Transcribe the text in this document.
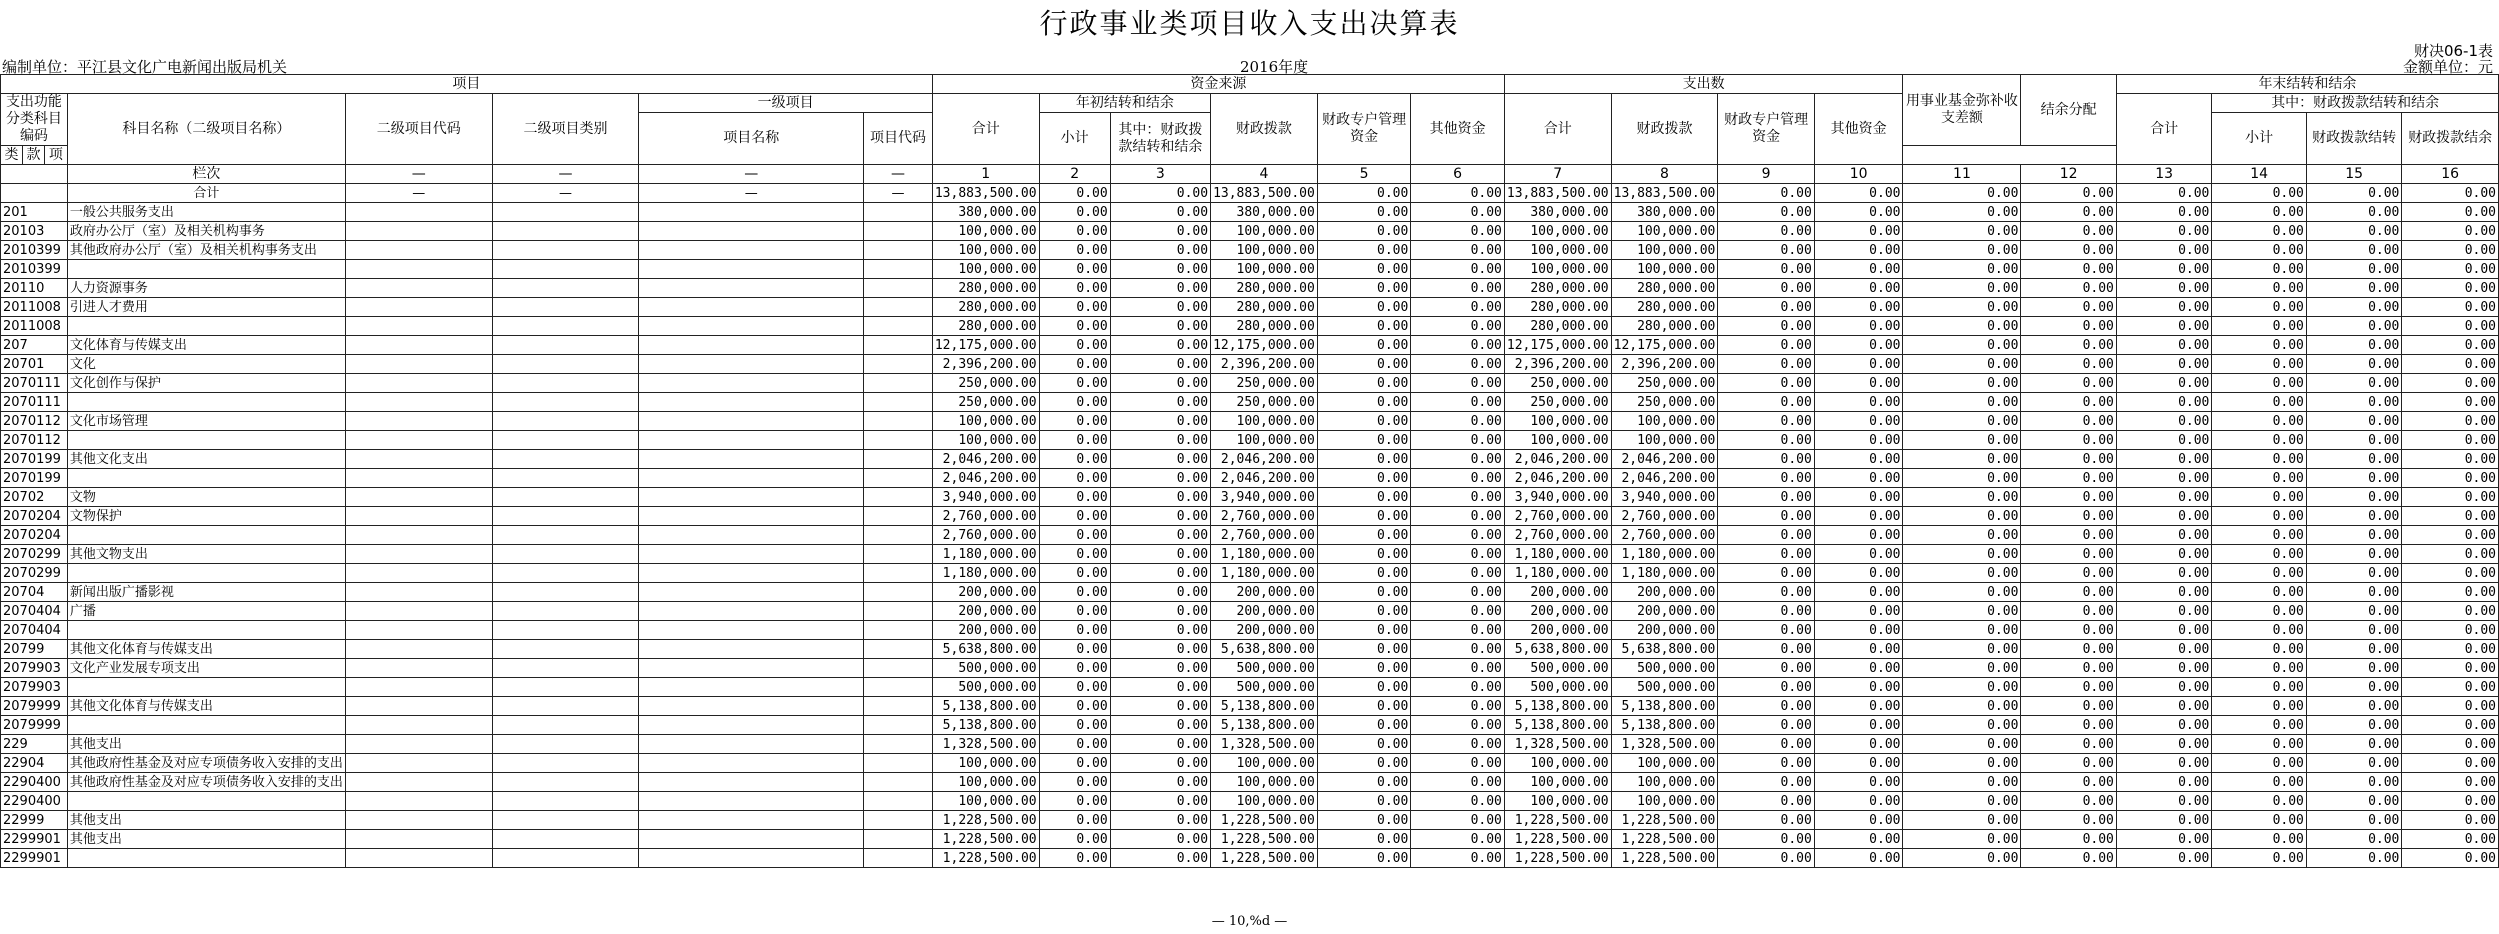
行政事业类项目收入支出决算表
财决06-1表
编制单位：平江县文化广电新闻出版局机关	2016年度	金额单位：元
项目								资金来源						支出数				用事业基金弥补收支差额	结余分配	年末结转和结余			
支出功能分类科目编码			科目名称（二级项目名称）	二级项目代码	二级项目类别	一级项目		合计	年初结转和结余		财政拨款	财政专户管理资金	其他资金	合计	财政拨款	财政专户管理资金	其他资金			合计	其中：财政拨款结转和结余		
						项目名称	项目代码		小计	其中：财政拨款结转和结余											小计	财政拨款结转	财政拨款结余
类	款	项																					
			栏次	—	—	—	—	1	2	3	4	5	6	7	8	9	10	11	12	13	14	15	16
			合计	—	—	—	—	13,883,500.00	0.00	0.00	13,883,500.00	0.00	0.00	13,883,500.00	13,883,500.00	0.00	0.00	0.00	0.00	0.00	0.00	0.00	0.00
201			一般公共服务支出					380,000.00	0.00	0.00	380,000.00	0.00	0.00	380,000.00	380,000.00	0.00	0.00	0.00	0.00	0.00	0.00	0.00	0.00
20103			政府办公厅（室）及相关机构事务					100,000.00	0.00	0.00	100,000.00	0.00	0.00	100,000.00	100,000.00	0.00	0.00	0.00	0.00	0.00	0.00	0.00	0.00
2010399			其他政府办公厅（室）及相关机构事务支出					100,000.00	0.00	0.00	100,000.00	0.00	0.00	100,000.00	100,000.00	0.00	0.00	0.00	0.00	0.00	0.00	0.00	0.00
2010399								100,000.00	0.00	0.00	100,000.00	0.00	0.00	100,000.00	100,000.00	0.00	0.00	0.00	0.00	0.00	0.00	0.00	0.00
20110			人力资源事务					280,000.00	0.00	0.00	280,000.00	0.00	0.00	280,000.00	280,000.00	0.00	0.00	0.00	0.00	0.00	0.00	0.00	0.00
2011008			引进人才费用					280,000.00	0.00	0.00	280,000.00	0.00	0.00	280,000.00	280,000.00	0.00	0.00	0.00	0.00	0.00	0.00	0.00	0.00
2011008								280,000.00	0.00	0.00	280,000.00	0.00	0.00	280,000.00	280,000.00	0.00	0.00	0.00	0.00	0.00	0.00	0.00	0.00
207			文化体育与传媒支出					12,175,000.00	0.00	0.00	12,175,000.00	0.00	0.00	12,175,000.00	12,175,000.00	0.00	0.00	0.00	0.00	0.00	0.00	0.00	0.00
20701			文化					2,396,200.00	0.00	0.00	2,396,200.00	0.00	0.00	2,396,200.00	2,396,200.00	0.00	0.00	0.00	0.00	0.00	0.00	0.00	0.00
2070111			文化创作与保护					250,000.00	0.00	0.00	250,000.00	0.00	0.00	250,000.00	250,000.00	0.00	0.00	0.00	0.00	0.00	0.00	0.00	0.00
2070111								250,000.00	0.00	0.00	250,000.00	0.00	0.00	250,000.00	250,000.00	0.00	0.00	0.00	0.00	0.00	0.00	0.00	0.00
2070112			文化市场管理					100,000.00	0.00	0.00	100,000.00	0.00	0.00	100,000.00	100,000.00	0.00	0.00	0.00	0.00	0.00	0.00	0.00	0.00
2070112								100,000.00	0.00	0.00	100,000.00	0.00	0.00	100,000.00	100,000.00	0.00	0.00	0.00	0.00	0.00	0.00	0.00	0.00
2070199			其他文化支出					2,046,200.00	0.00	0.00	2,046,200.00	0.00	0.00	2,046,200.00	2,046,200.00	0.00	0.00	0.00	0.00	0.00	0.00	0.00	0.00
2070199								2,046,200.00	0.00	0.00	2,046,200.00	0.00	0.00	2,046,200.00	2,046,200.00	0.00	0.00	0.00	0.00	0.00	0.00	0.00	0.00
20702			文物					3,940,000.00	0.00	0.00	3,940,000.00	0.00	0.00	3,940,000.00	3,940,000.00	0.00	0.00	0.00	0.00	0.00	0.00	0.00	0.00
2070204			文物保护					2,760,000.00	0.00	0.00	2,760,000.00	0.00	0.00	2,760,000.00	2,760,000.00	0.00	0.00	0.00	0.00	0.00	0.00	0.00	0.00
2070204								2,760,000.00	0.00	0.00	2,760,000.00	0.00	0.00	2,760,000.00	2,760,000.00	0.00	0.00	0.00	0.00	0.00	0.00	0.00	0.00
2070299			其他文物支出					1,180,000.00	0.00	0.00	1,180,000.00	0.00	0.00	1,180,000.00	1,180,000.00	0.00	0.00	0.00	0.00	0.00	0.00	0.00	0.00
2070299								1,180,000.00	0.00	0.00	1,180,000.00	0.00	0.00	1,180,000.00	1,180,000.00	0.00	0.00	0.00	0.00	0.00	0.00	0.00	0.00
20704			新闻出版广播影视					200,000.00	0.00	0.00	200,000.00	0.00	0.00	200,000.00	200,000.00	0.00	0.00	0.00	0.00	0.00	0.00	0.00	0.00
2070404			广播					200,000.00	0.00	0.00	200,000.00	0.00	0.00	200,000.00	200,000.00	0.00	0.00	0.00	0.00	0.00	0.00	0.00	0.00
2070404								200,000.00	0.00	0.00	200,000.00	0.00	0.00	200,000.00	200,000.00	0.00	0.00	0.00	0.00	0.00	0.00	0.00	0.00
20799			其他文化体育与传媒支出					5,638,800.00	0.00	0.00	5,638,800.00	0.00	0.00	5,638,800.00	5,638,800.00	0.00	0.00	0.00	0.00	0.00	0.00	0.00	0.00
2079903			文化产业发展专项支出					500,000.00	0.00	0.00	500,000.00	0.00	0.00	500,000.00	500,000.00	0.00	0.00	0.00	0.00	0.00	0.00	0.00	0.00
2079903								500,000.00	0.00	0.00	500,000.00	0.00	0.00	500,000.00	500,000.00	0.00	0.00	0.00	0.00	0.00	0.00	0.00	0.00
2079999			其他文化体育与传媒支出					5,138,800.00	0.00	0.00	5,138,800.00	0.00	0.00	5,138,800.00	5,138,800.00	0.00	0.00	0.00	0.00	0.00	0.00	0.00	0.00
2079999								5,138,800.00	0.00	0.00	5,138,800.00	0.00	0.00	5,138,800.00	5,138,800.00	0.00	0.00	0.00	0.00	0.00	0.00	0.00	0.00
229			其他支出					1,328,500.00	0.00	0.00	1,328,500.00	0.00	0.00	1,328,500.00	1,328,500.00	0.00	0.00	0.00	0.00	0.00	0.00	0.00	0.00
22904			其他政府性基金及对应专项债务收入安排的支出					100,000.00	0.00	0.00	100,000.00	0.00	0.00	100,000.00	100,000.00	0.00	0.00	0.00	0.00	0.00	0.00	0.00	0.00
2290400			其他政府性基金及对应专项债务收入安排的支出					100,000.00	0.00	0.00	100,000.00	0.00	0.00	100,000.00	100,000.00	0.00	0.00	0.00	0.00	0.00	0.00	0.00	0.00
2290400								100,000.00	0.00	0.00	100,000.00	0.00	0.00	100,000.00	100,000.00	0.00	0.00	0.00	0.00	0.00	0.00	0.00	0.00
22999			其他支出					1,228,500.00	0.00	0.00	1,228,500.00	0.00	0.00	1,228,500.00	1,228,500.00	0.00	0.00	0.00	0.00	0.00	0.00	0.00	0.00
2299901			其他支出					1,228,500.00	0.00	0.00	1,228,500.00	0.00	0.00	1,228,500.00	1,228,500.00	0.00	0.00	0.00	0.00	0.00	0.00	0.00	0.00
2299901								1,228,500.00	0.00	0.00	1,228,500.00	0.00	0.00	1,228,500.00	1,228,500.00	0.00	0.00	0.00	0.00	0.00	0.00	0.00	0.00
— 10,%d —
